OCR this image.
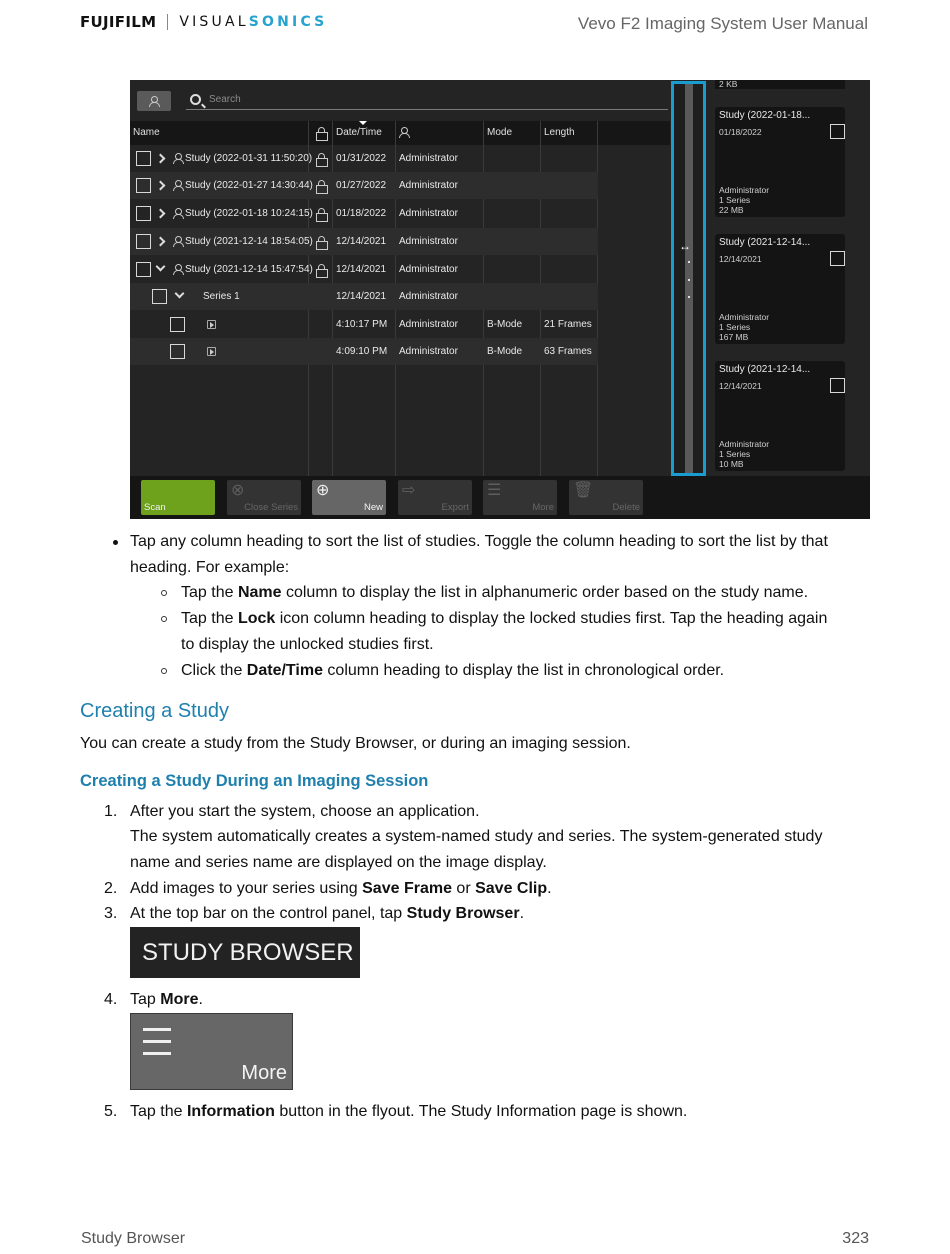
FUJIFILM VISUAL SONICS	Vevo F2 Imaging System User Manual
Search
Name	Date/Time	Mode	Length
Study (2022-01-31 11:50:20) 01/31/2022 Administrator
Study (2022-01-27 14:30:44) 01/27/2022 Administrator
Study (2022-01-18 10:24:15) 01/18/2022 Administrator
Study (2021-12-14 18:54:05) 12/14/2021 Administrator
Study (2021-12-14 15:47:54) 12/14/2021 Administrator
Series 1	12/14/2021 Administrator
4:10:17 PM Administrator	B-Mode 21 Frames
4:09:10 PM Administrator	B-Mode 63 Frames
↔
2 KB
Study (2022-01-18...
01/18/2022
Administrator
1 Series
22 MB
Study (2021-12-14...
12/14/2021
Administrator
1 Series
167 MB
Study (2021-12-14...
12/14/2021
Administrator
1 Series
10 MB
Scan
⊗
Close Series
⊕
New
⇨
Export
☰
More
🗑
Delete
Tap any column heading to sort the list of studies. Toggle the column heading to sort the list by that
heading. For example:
Tap the Name column to display the list in alphanumeric order based on the study name.
Tap the Lock icon column heading to display the locked studies first. Tap the heading again
to display the unlocked studies first.
Click the Date/Time column heading to display the list in chronological order.
Creating a Study
You can create a study from the Study Browser, or during an imaging session.
Creating a Study During an Imaging Session
1. After you start the system, choose an application.
The system automatically creates a system-named study and series. The system-generated study
name and series name are displayed on the image display.
2. Add images to your series using Save Frame or Save Clip.
3. At the top bar on the control panel, tap Study Browser.
STUDY BROWSER
4. Tap More.
More
5. Tap the Information button in the flyout. The Study Information page is shown.
Study Browser	323
